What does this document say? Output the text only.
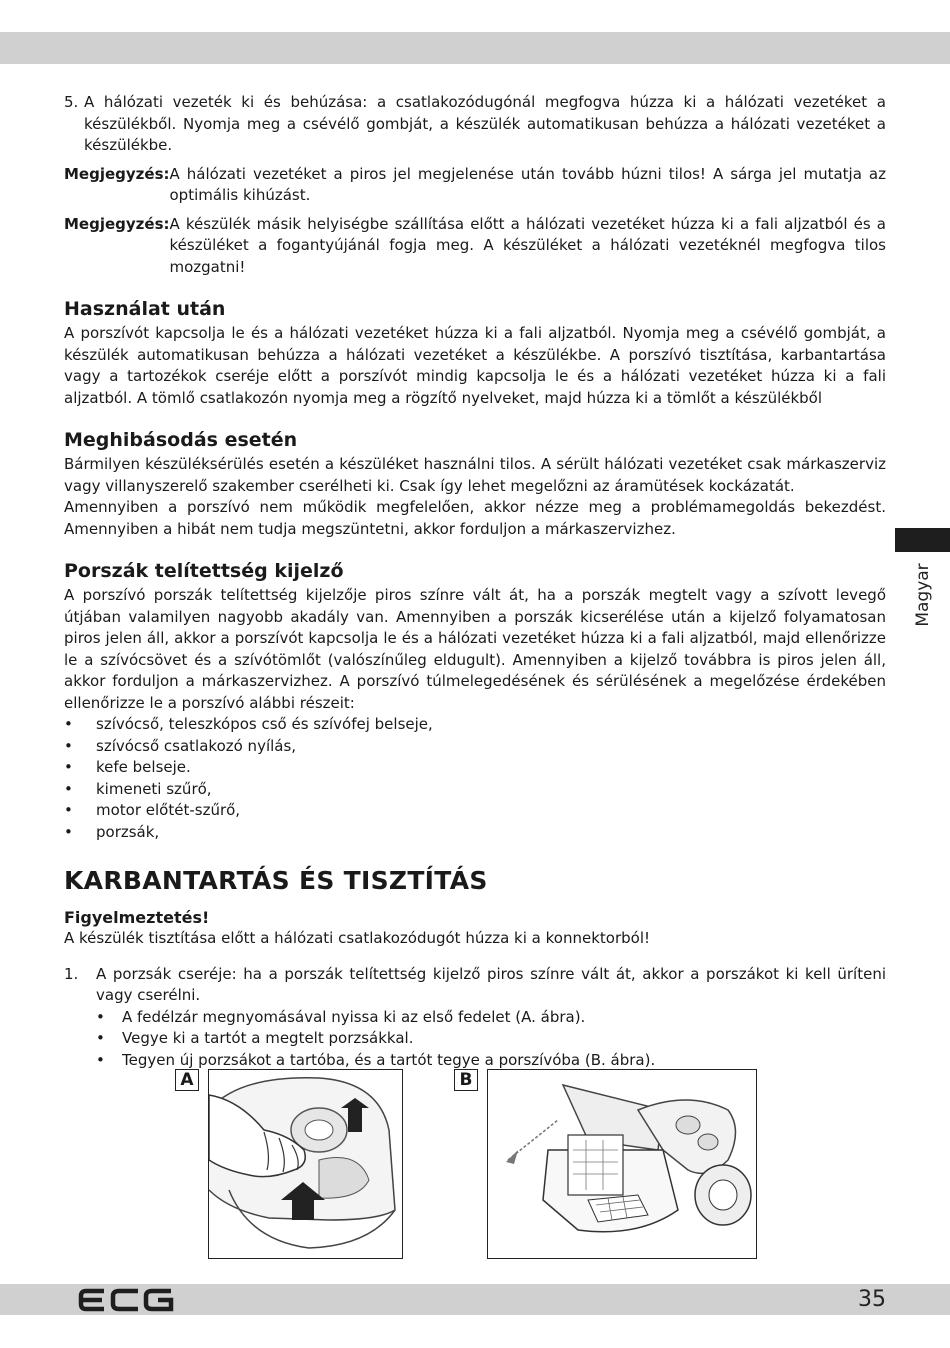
5. A hálózati vezeték ki és behúzása: a csatlakozódugónál megfogva húzza ki a hálózati vezetéket a készülékből. Nyomja meg a csévélő gombját, a készülék automatikusan behúzza a hálózati vezetéket a készülékbe.

Megjegyzés: A hálózati vezetéket a piros jel megjelenése után tovább húzni tilos! A sárga jel mutatja az optimális kihúzást.
Megjegyzés: A készülék másik helyiségbe szállítása előtt a hálózati vezetéket húzza ki a fali aljzatból és a készüléket a fogantyújánál fogja meg. A készüléket a hálózati vezetéknél megfogva tilos mozgatni!
Használat után

A porszívót kapcsolja le és a hálózati vezetéket húzza ki a fali aljzatból. Nyomja meg a csévélő gombját, a készülék automatikusan behúzza a hálózati vezetéket a készülékbe. A porszívó tisztítása, karbantartása vagy a tartozékok cseréje előtt a porszívót mindig kapcsolja le és a hálózati vezetéket húzza ki a fali aljzatból. A tömlő csatlakozón nyomja meg a rögzítő nyelveket, majd húzza ki a tömlőt a készülékből

Meghibásodás esetén

Bármilyen készüléksérülés esetén a készüléket használni tilos. A sérült hálózati vezetéket csak márkaszerviz vagy villanyszerelő szakember cserélheti ki. Csak így lehet megelőzni az áramütések kockázatát.

Amennyiben a porszívó nem működik megfelelően, akkor nézze meg a problémamegoldás bekezdést. Amennyiben a hibát nem tudja megszüntetni, akkor forduljon a márkaszervizhez.

Porszák telítettség kijelző

A porszívó porszák telítettség kijelzője piros színre vált át, ha a porszák megtelt vagy a szívott levegő útjában valamilyen nagyobb akadály van. Amennyiben a porszák kicserélése után a kijelző folyamatosan piros jelen áll, akkor a porszívót kapcsolja le és a hálózati vezetéket húzza ki a fali aljzatból, majd ellenőrizze le a szívócsövet és a szívótömlőt (valószínűleg eldugult). Amennyiben a kijelző továbbra is piros jelen áll, akkor forduljon a márkaszervizhez. A porszívó túlmelegedésének és sérülésének a megelőzése érdekében ellenőrizze le a porszívó alábbi részeit:

•	szívócső, teleszkópos cső és szívófej belseje,
•	szívócső csatlakozó nyílás,
•	kefe belseje.
•	kimeneti szűrő,
•	motor előtét-szűrő,
•	porzsák,
KARBANTARTÁS ÉS TISZTÍTÁS
Figyelmeztetés!

A készülék tisztítása előtt a hálózati csatlakozódugót húzza ki a konnektorból!

1.	A porzsák cseréje: ha a porszák telítettség kijelző piros színre vált át, akkor a porszákot ki kell üríteni vagy cserélni.

•	A fedélzár megnyomásával nyissa ki az első fedelet (A. ábra).
•	Vegye ki a tartót a megtelt porzsákkal.
•	Tegyen új porzsákot a tartóba, és a tartót tegye a porszívóba (B. ábra).
Magyar
A	B
35
